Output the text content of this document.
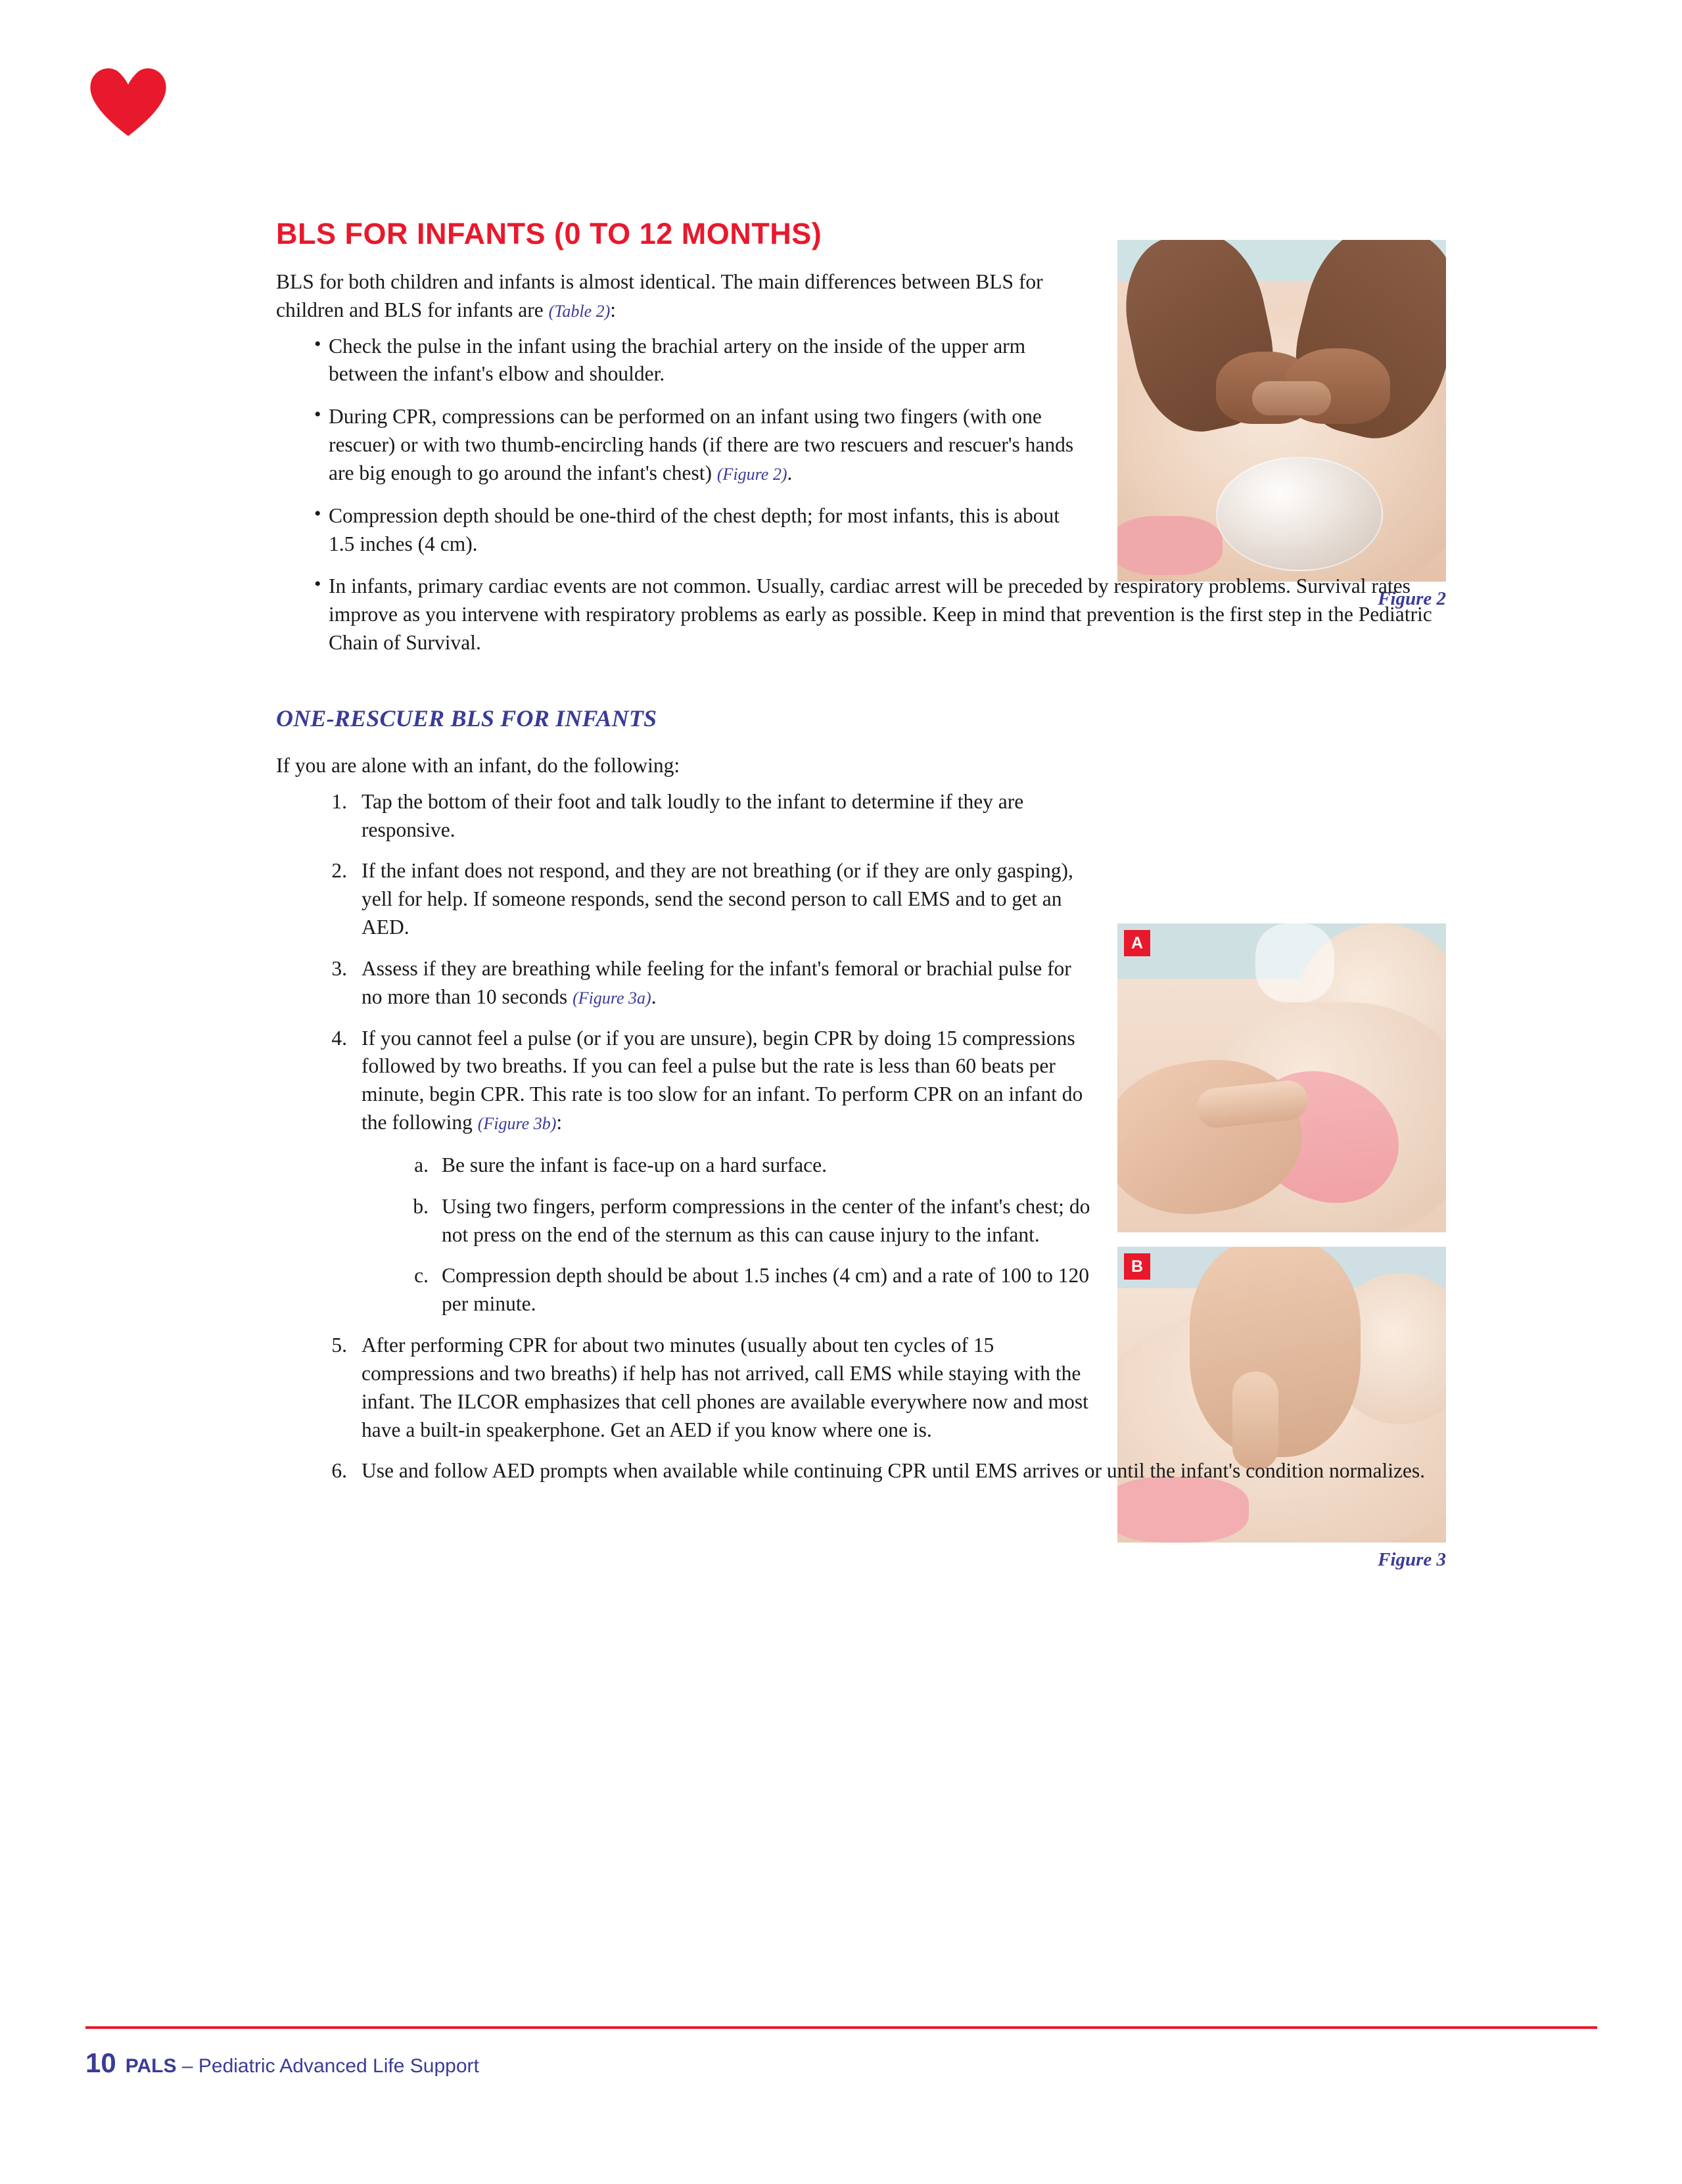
Figure 2
A
B
Figure 3
BLS FOR INFANTS (0 TO 12 MONTHS)

BLS for both children and infants is almost identical. The main differences between BLS for children and BLS for infants are (Table 2):

• Check the pulse in the infant using the brachial artery on the inside of the upper arm between the infant's elbow and shoulder.
• During CPR, compressions can be performed on an infant using two fingers (with one rescuer) or with two thumb-encircling hands (if there are two rescuers and rescuer's hands are big enough to go around the infant's chest) (Figure 2).
• Compression depth should be one-third of the chest depth; for most infants, this is about 1.5 inches (4 cm).
• In infants, primary cardiac events are not common. Usually, cardiac arrest will be preceded by respiratory problems. Survival rates improve as you intervene with respiratory problems as early as possible. Keep in mind that prevention is the first step in the Pediatric Chain of Survival.
ONE-RESCUER BLS FOR INFANTS

If you are alone with an infant, do the following:

Tap the bottom of their foot and talk loudly to the infant to determine if they are responsive.
If the infant does not respond, and they are not breathing (or if they are only gasping), yell for help. If someone responds, send the second person to call EMS and to get an AED.
Assess if they are breathing while feeling for the infant's femoral or brachial pulse for no more than 10 seconds (Figure 3a).
If you cannot feel a pulse (or if you are unsure), begin CPR by doing 15 compressions followed by two breaths. If you can feel a pulse but the rate is less than 60 beats per minute, begin CPR. This rate is too slow for an infant. To perform CPR on an infant do the following (Figure 3b):
Be sure the infant is face-up on a hard surface.
Using two fingers, perform compressions in the center of the infant's chest; do not press on the end of the sternum as this can cause injury to the infant.
Compression depth should be about 1.5 inches (4 cm) and a rate of 100 to 120 per minute.
After performing CPR for about two minutes (usually about ten cycles of 15 compressions and two breaths) if help has not arrived, call EMS while staying with the infant. The ILCOR emphasizes that cell phones are available everywhere now and most have a built-in speakerphone. Get an AED if you know where one is.
Use and follow AED prompts when available while continuing CPR until EMS arrives or until the infant's condition normalizes.
10 PALS – Pediatric Advanced Life Support
